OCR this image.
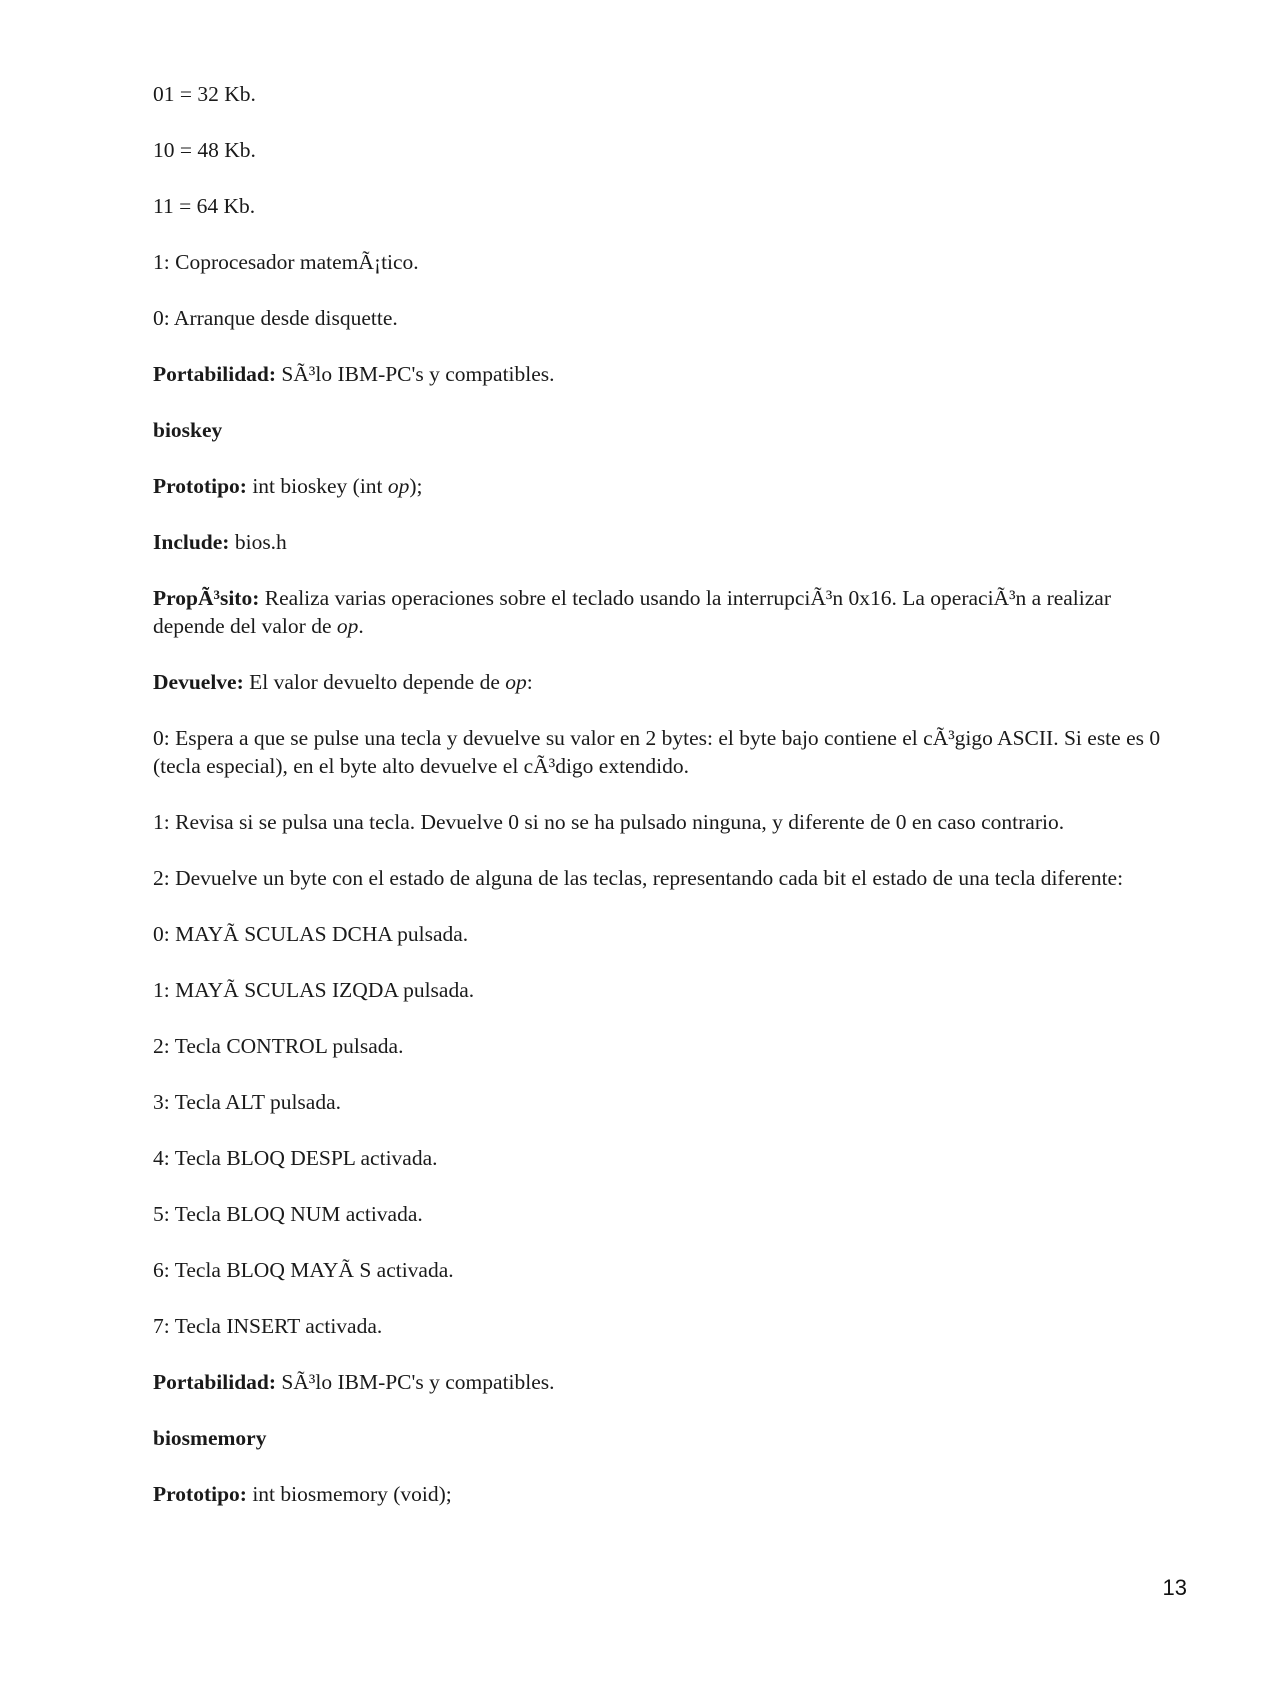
01 = 32 Kb.

10 = 48 Kb.

11 = 64 Kb.

1: Coprocesador matemÃ¡tico.

0: Arranque desde disquette.

Portabilidad: SÃ³lo IBM-PC's y compatibles.

bioskey

Prototipo: int bioskey (int op);

Include: bios.h

PropÃ³sito: Realiza varias operaciones sobre el teclado usando la interrupciÃ³n 0x16. La operaciÃ³n a realizar depende del valor de op.

Devuelve: El valor devuelto depende de op:

0: Espera a que se pulse una tecla y devuelve su valor en 2 bytes: el byte bajo contiene el cÃ³gigo ASCII. Si este es 0 (tecla especial), en el byte alto devuelve el cÃ³digo extendido.

1: Revisa si se pulsa una tecla. Devuelve 0 si no se ha pulsado ninguna, y diferente de 0 en caso contrario.

2: Devuelve un byte con el estado de alguna de las teclas, representando cada bit el estado de una tecla diferente:

0: MAYÃ SCULAS DCHA pulsada.

1: MAYÃ SCULAS IZQDA pulsada.

2: Tecla CONTROL pulsada.

3: Tecla ALT pulsada.

4: Tecla BLOQ DESPL activada.

5: Tecla BLOQ NUM activada.

6: Tecla BLOQ MAYÃ S activada.

7: Tecla INSERT activada.

Portabilidad: SÃ³lo IBM-PC's y compatibles.

biosmemory

Prototipo: int biosmemory (void);

13
